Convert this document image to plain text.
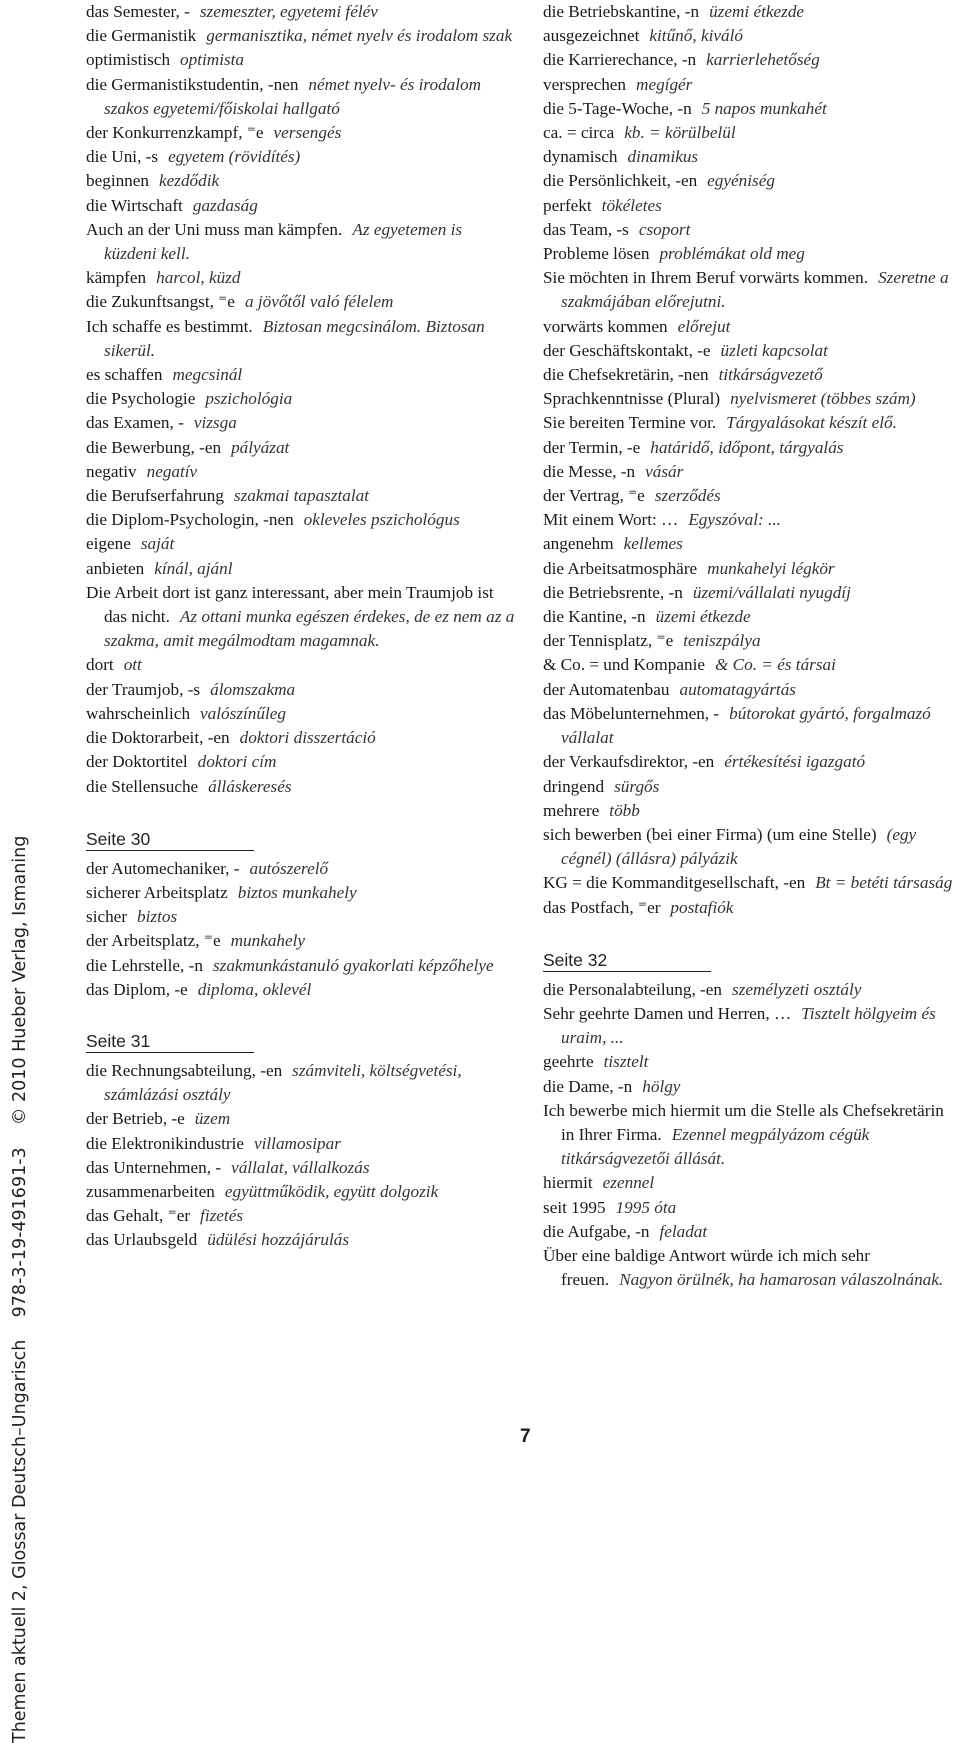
Themen aktuell 2, Glossar Deutsch–Ungarisch    978-3-19-491691-3    © 2010 Hueber Verlag, Ismaning
das Semester, - szemeszter, egyetemi félév
die Germanistik germanisztika, német nyelv és irodalom szak
optimistisch optimista
die Germanistikstudentin, -nen német nyelv- és irodalom szakos egyetemi/főiskolai hallgató
der Konkurrenzkampf, ⁼e versengés
die Uni, -s egyetem (rövidítés)
beginnen kezdődik
die Wirtschaft gazdaság
Auch an der Uni muss man kämpfen. Az egyetemen is küzdeni kell.
kämpfen harcol, küzd
die Zukunftsangst, ⁼e a jövőtől való félelem
Ich schaffe es bestimmt. Biztosan megcsinálom. Biztosan sikerül.
es schaffen megcsinál
die Psychologie pszichológia
das Examen, - vizsga
die Bewerbung, -en pályázat
negativ negatív
die Berufserfahrung szakmai tapasztalat
die Diplom-Psychologin, -nen okleveles pszichológus
eigene saját
anbieten kínál, ajánl
Die Arbeit dort ist ganz interessant, aber mein Traumjob ist das nicht. Az ottani munka egészen érdekes, de ez nem az a szakma, amit megálmodtam magamnak.
dort ott
der Traumjob, -s álomszakma
wahrscheinlich valószínűleg
die Doktorarbeit, -en doktori disszertáció
der Doktortitel doktori cím
die Stellensuche álláskeresés
Seite 30
der Automechaniker, - autószerelő
sicherer Arbeitsplatz biztos munkahely
sicher biztos
der Arbeitsplatz, ⁼e munkahely
die Lehrstelle, -n szakmunkástanuló gyakorlati képzőhelye
das Diplom, -e diploma, oklevél
Seite 31
die Rechnungsabteilung, -en számviteli, költségvetési, számlázási osztály
der Betrieb, -e üzem
die Elektronikindustrie villamosipar
das Unternehmen, - vállalat, vállalkozás
zusammenarbeiten együttműködik, együtt dolgozik
das Gehalt, ⁼er fizetés
das Urlaubsgeld üdülési hozzájárulás
die Betriebskantine, -n üzemi étkezde
ausgezeichnet kitűnő, kiváló
die Karrierechance, -n karrierlehetőség
versprechen megígér
die 5-Tage-Woche, -n 5 napos munkahét
ca. = circa kb. = körülbelül
dynamisch dinamikus
die Persönlichkeit, -en egyéniség
perfekt tökéletes
das Team, -s csoport
Probleme lösen problémákat old meg
Sie möchten in Ihrem Beruf vorwärts kommen. Szeretne a szakmájában előrejutni.
vorwärts kommen előrejut
der Geschäftskontakt, -e üzleti kapcsolat
die Chefsekretärin, -nen titkárságvezető
Sprachkenntnisse (Plural) nyelvismeret (többes szám)
Sie bereiten Termine vor. Tárgyalásokat készít elő.
der Termin, -e határidő, időpont, tárgyalás
die Messe, -n vásár
der Vertrag, ⁼e szerződés
Mit einem Wort: … Egyszóval: ...
angenehm kellemes
die Arbeitsatmosphäre munkahelyi légkör
die Betriebsrente, -n üzemi/vállalati nyugdíj
die Kantine, -n üzemi étkezde
der Tennisplatz, ⁼e teniszpálya
& Co. = und Kompanie & Co. = és társai
der Automatenbau automatagyártás
das Möbelunternehmen, - bútorokat gyártó, forgalmazó vállalat
der Verkaufsdirektor, -en értékesítési igazgató
dringend sürgős
mehrere több
sich bewerben (bei einer Firma) (um eine Stelle) (egy cégnél) (állásra) pályázik
KG = die Kommanditgesellschaft, -en Bt = betéti társaság
das Postfach, ⁼er postafiók
Seite 32
die Personalabteilung, -en személyzeti osztály
Sehr geehrte Damen und Herren, … Tisztelt hölgyeim és uraim, ...
geehrte tisztelt
die Dame, -n hölgy
Ich bewerbe mich hiermit um die Stelle als Chefsekretärin in Ihrer Firma. Ezennel megpályázom cégük titkárságvezetői állását.
hiermit ezennel
seit 1995 1995 óta
die Aufgabe, -n feladat
Über eine baldige Antwort würde ich mich sehr freuen. Nagyon örülnék, ha hamarosan válaszolnának.
7
